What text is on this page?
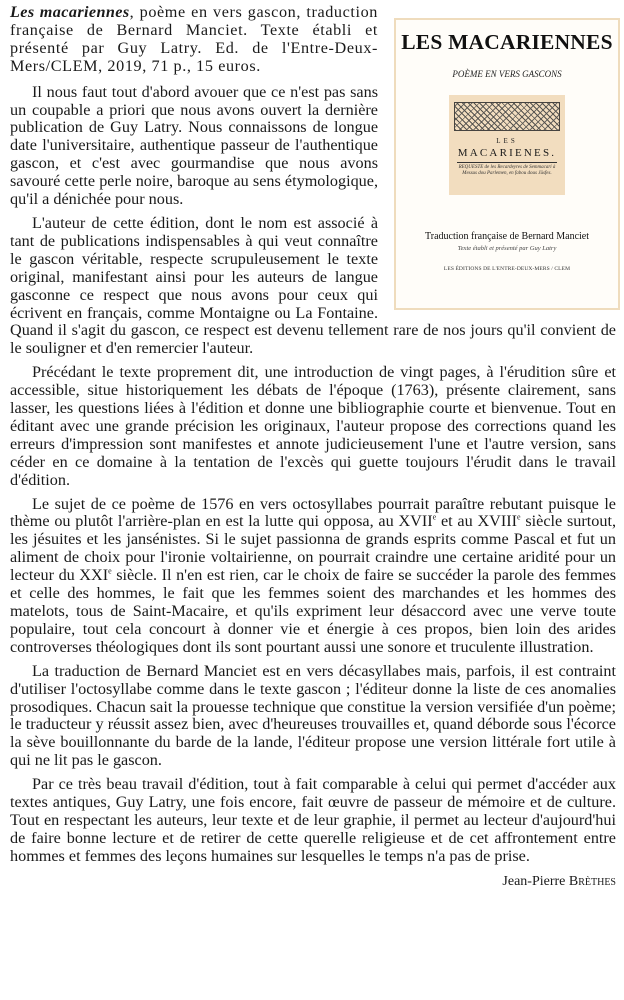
LES MACARIENNES
POÈME EN VERS GASCONS
LES
MACARIENES.
REQUESTE de les Recardeyres de Semmacari à Messus dou Parlemen, en fabou dous Jüsfes.
Traduction française de Bernard Manciet
Texte établi et présenté par Guy Latry
LES ÉDITIONS DE L'ENTRE-DEUX-MERS / CLEM

Les macariennes, poème en vers gascon, traduction française de Bernard Manciet. Texte établi et présenté par Guy Latry. Ed. de l'Entre-Deux-Mers/CLEM, 2019, 71 p., 15 euros.

Il nous faut tout d'abord avouer que ce n'est pas sans un coupable a priori que nous avons ouvert la dernière publication de Guy Latry. Nous connaissons de longue date l'universitaire, authentique passeur de l'authentique gascon, et c'est avec gourmandise que nous avons savouré cette perle noire, baroque au sens étymologique, qu'il a dénichée pour nous.

L'auteur de cette édition, dont le nom est associé à tant de publications indispensables à qui veut connaître le gascon véritable, respecte scrupuleusement le texte original, manifestant ainsi pour les auteurs de langue gasconne ce respect que nous avons pour ceux qui écrivent en français, comme Montaigne ou La Fontaine. Quand il s'agit du gascon, ce respect est devenu tellement rare de nos jours qu'il convient de le souligner et d'en remercier l'auteur.

Précédant le texte proprement dit, une introduction de vingt pages, à l'érudition sûre et accessible, situe historiquement les débats de l'époque (1763), présente clairement, sans lasser, les questions liées à l'édition et donne une bibliographie courte et bienvenue. Tout en éditant avec une grande précision les originaux, l'auteur propose des corrections quand les erreurs d'impression sont manifestes et annote judicieusement l'une et l'autre version, sans céder en ce domaine à la tentation de l'excès qui guette toujours l'érudit dans le travail d'édition.

Le sujet de ce poème de 1576 en vers octosyllabes pourrait paraître rebutant puisque le thème ou plutôt l'arrière-plan en est la lutte qui opposa, au XVIIe et au XVIIIe siècle surtout, les jésuites et les jansénistes. Si le sujet passionna de grands esprits comme Pascal et fut un aliment de choix pour l'ironie voltairienne, on pourrait craindre une certaine aridité pour un lecteur du XXIe siècle. Il n'en est rien, car le choix de faire se succéder la parole des femmes et celle des hommes, le fait que les femmes soient des marchandes et les hommes des matelots, tous de Saint-Macaire, et qu'ils expriment leur désaccord avec une verve toute populaire, tout cela concourt à donner vie et énergie à ces propos, bien loin des arides controverses théologiques dont ils sont pourtant aussi une sonore et truculente illustration.

La traduction de Bernard Manciet est en vers décasyllabes mais, parfois, il est contraint d'utiliser l'octosyllabe comme dans le texte gascon ; l'éditeur donne la liste de ces anomalies prosodiques. Chacun sait la prouesse technique que constitue la version versifiée d'un poème; le traducteur y réussit assez bien, avec d'heureuses trouvailles et, quand déborde sous l'écorce la sève bouillonnante du barde de la lande, l'éditeur propose une version littérale fort utile à qui ne lit pas le gascon.

Par ce très beau travail d'édition, tout à fait comparable à celui qui permet d'accéder aux textes antiques, Guy Latry, une fois encore, fait œuvre de passeur de mémoire et de culture. Tout en respectant les auteurs, leur texte et de leur graphie, il permet au lecteur d'aujourd'hui de faire bonne lecture et de retirer de cette querelle religieuse et de cet affrontement entre hommes et femmes des leçons humaines sur lesquelles le temps n'a pas de prise.

Jean-Pierre Brèthes
